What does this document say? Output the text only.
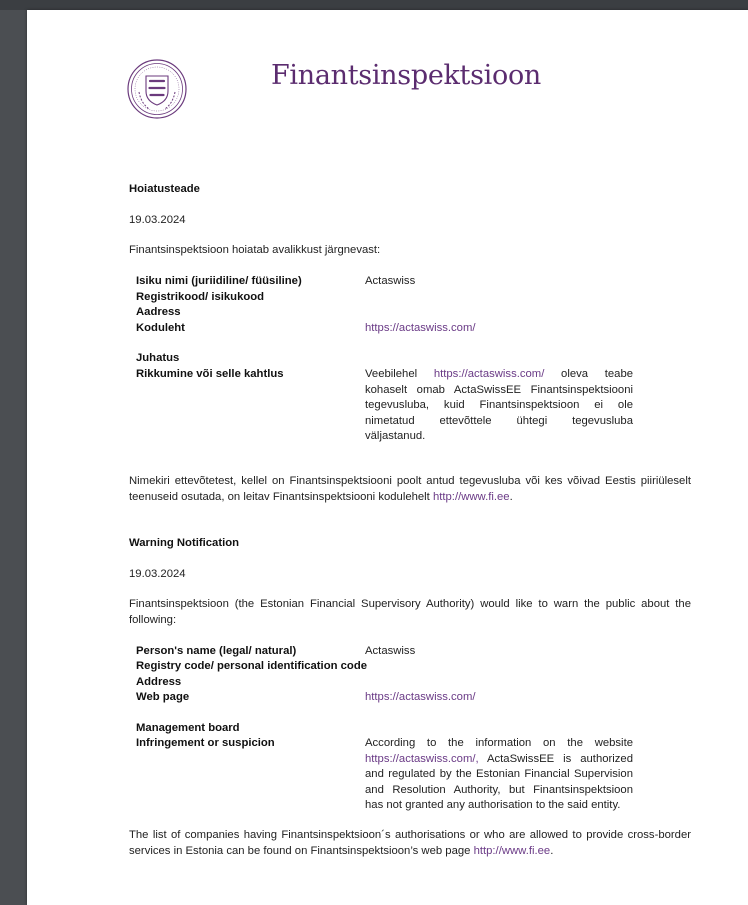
Finantsinspektsioon
Hoiatusteade
19.03.2024
Finantsinspektsioon hoiatab avalikkust järgnevast:
Isiku nimi (juriidiline/ füüsiline)
Registrikood/ isikukood
Aadress
Koduleht
Juhatus
Rikkumine või selle kahtlus
Actaswiss
https://actaswiss.com/
Veebilehel https://actaswiss.com/ oleva teabe
kohaselt omab ActaSwissEE Finantsinspektsiooni
tegevusluba, kuid Finantsinspektsioon ei ole
nimetatud ettevõttele ühtegi tegevusluba
väljastanud.
Nimekiri ettevõtetest, kellel on Finantsinspektsiooni poolt antud tegevusluba või kes võivad Eestis piiriüleselt
teenuseid osutada, on leitav Finantsinspektsiooni kodulehelt http://www.fi.ee.
Warning Notification
19.03.2024
Finantsinspektsioon (the Estonian Financial Supervisory Authority) would like to warn the public about the
following:
Person's name (legal/ natural)
Registry code/ personal identification code
Address
Web page
Management board
Infringement or suspicion
Actaswiss
https://actaswiss.com/
According to the information on the website
https://actaswiss.com/, ActaSwissEE is authorized
and regulated by the Estonian Financial Supervision
and Resolution Authority, but Finantsinspektsioon
has not granted any authorisation to the said entity.
The list of companies having Finantsinspektsioon´s authorisations or who are allowed to provide cross-border
services in Estonia can be found on Finantsinspektsioon’s web page http://www.fi.ee.
